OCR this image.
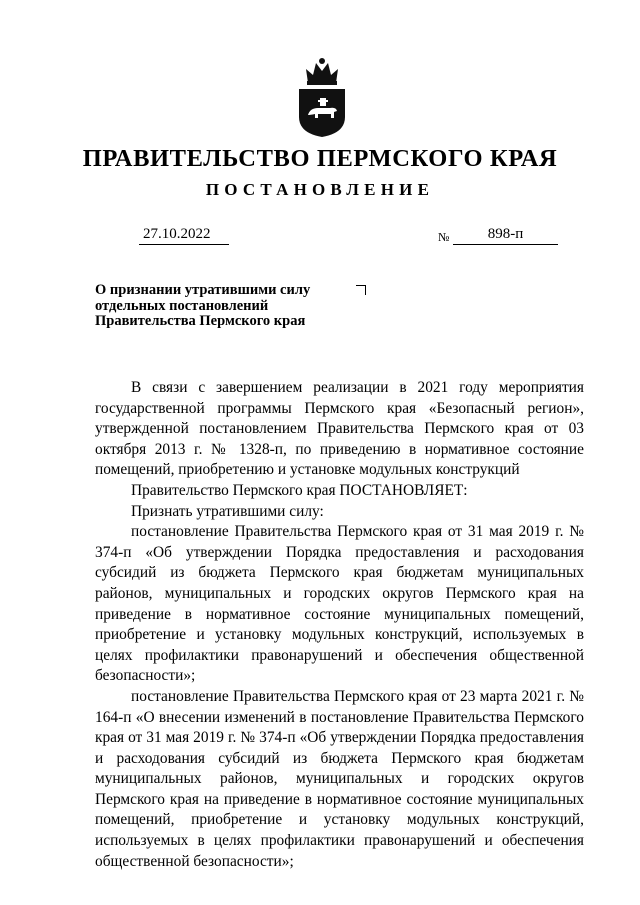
ПРАВИТЕЛЬСТВО ПЕРМСКОГО КРАЯ
ПОСТАНОВЛЕНИЕ
27.10.2022	№	898-п
О признании утратившими силу
отдельных постановлений
Правительства Пермского края

В связи с завершением реализации в 2021 году мероприятия государственной программы Пермского края «Безопасный регион», утвержденной постановлением Правительства Пермского края от 03 октября 2013 г. № 1328-п, по приведению в нормативное состояние помещений, приобретению и установке модульных конструкций

Правительство Пермского края ПОСТАНОВЛЯЕТ:

Признать утратившими силу:

постановление Правительства Пермского края от 31 мая 2019 г. № 374-п «Об утверждении Порядка предоставления и расходования субсидий из бюджета Пермского края бюджетам муниципальных районов, муниципальных и городских округов Пермского края на приведение в нормативное состояние муниципальных помещений, приобретение и установку модульных конструкций, используемых в целях профилактики правонарушений и обеспечения общественной безопасности»;

постановление Правительства Пермского края от 23 марта 2021 г. № 164-п «О внесении изменений в постановление Правительства Пермского края от 31 мая 2019 г. № 374-п «Об утверждении Порядка предоставления и расходования субсидий из бюджета Пермского края бюджетам муниципальных районов, муниципальных и городских округов Пермского края на приведение в нормативное состояние муниципальных помещений, приобретение и установку модульных конструкций, используемых в целях профилактики правонарушений и обеспечения общественной безопасности»;
